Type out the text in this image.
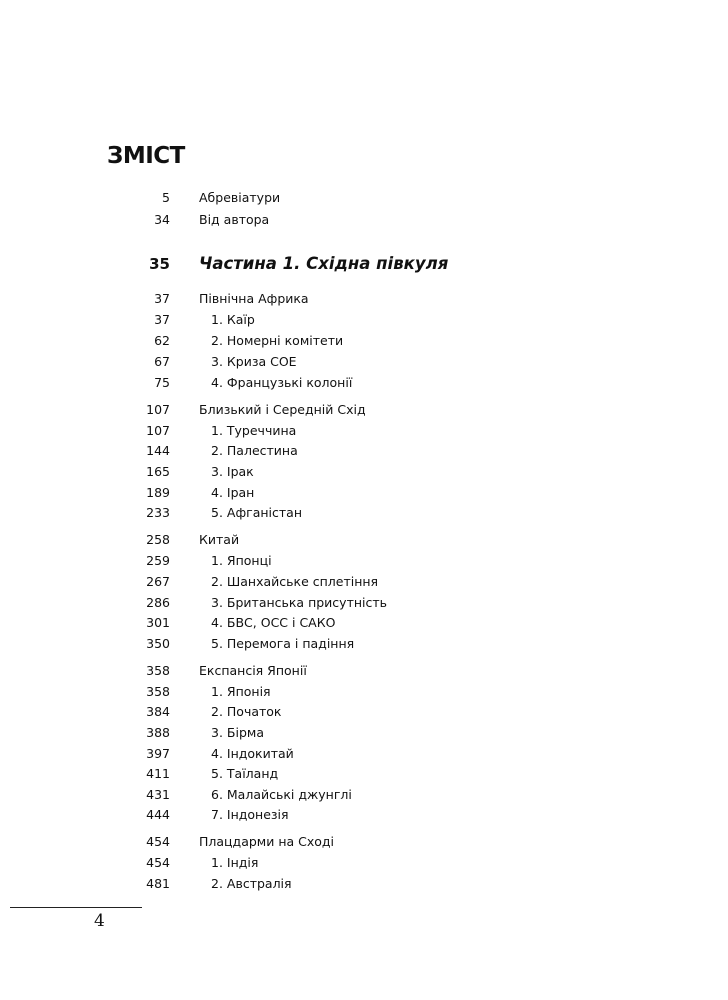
ЗМІСТ
5 Абревіатури
34 Від автора
35 Частина 1. Східна півкуля
37 Північна Африка
37	1. Каїр
62	2. Номерні комітети
67	3. Криза СОЕ
75	4. Французькі колонії
107 Близький і Середній Схід
107	1. Туреччина
144	2. Палестина
165	3. Ірак
189	4. Іран
233	5. Афганістан
258 Китай
259	1. Японці
267	2. Шанхайське сплетіння
286	3. Британська присутність
301	4. БВС, ОСС і САКО
350	5. Перемога і падіння
358 Експансія Японії
358	1. Японія
384	2. Початок
388	3. Бірма
397	4. Індокитай
411	5. Таїланд
431	6. Малайські джунглі
444	7. Індонезія
454 Плацдарми на Сході
454	1. Індія
481	2. Австралія
4
